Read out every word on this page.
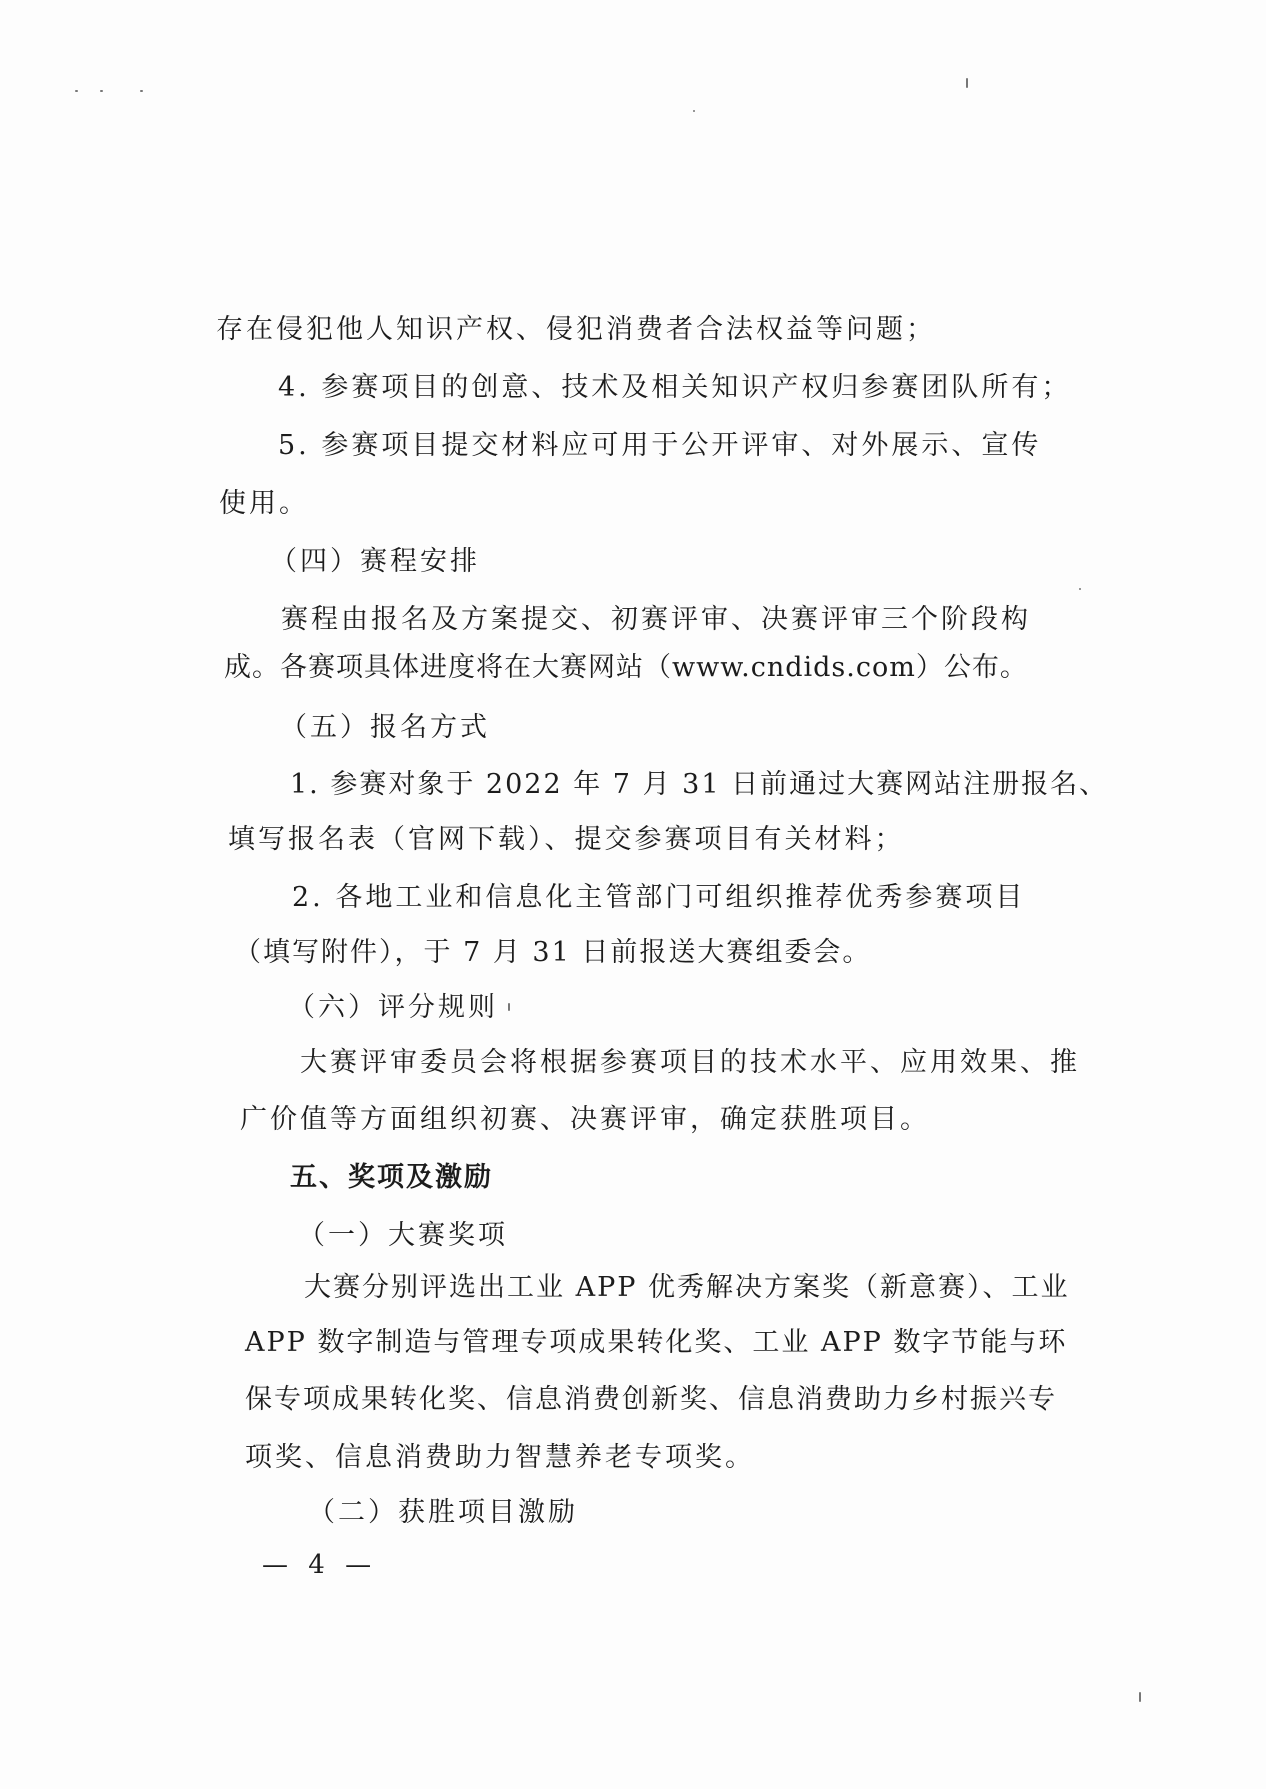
存在侵犯他人知识产权、侵犯消费者合法权益等问题；
4. 参赛项目的创意、技术及相关知识产权归参赛团队所有；
5. 参赛项目提交材料应可用于公开评审、对外展示、宣传
使用。
（四）赛程安排
赛程由报名及方案提交、初赛评审、决赛评审三个阶段构
成。各赛项具体进度将在大赛网站（www.cndids.com）公布。
（五）报名方式
1. 参赛对象于 2022 年 7 月 31 日前通过大赛网站注册报名、
填写报名表（官网下载）、提交参赛项目有关材料；
2. 各地工业和信息化主管部门可组织推荐优秀参赛项目
（填写附件），于 7 月 31 日前报送大赛组委会。
（六）评分规则
大赛评审委员会将根据参赛项目的技术水平、应用效果、推
广价值等方面组织初赛、决赛评审，确定获胜项目。
五、奖项及激励
（一）大赛奖项
大赛分别评选出工业 APP 优秀解决方案奖（新意赛）、工业
APP 数字制造与管理专项成果转化奖、工业 APP 数字节能与环
保专项成果转化奖、信息消费创新奖、信息消费助力乡村振兴专
项奖、信息消费助力智慧养老专项奖。
（二）获胜项目激励
— 4 —
